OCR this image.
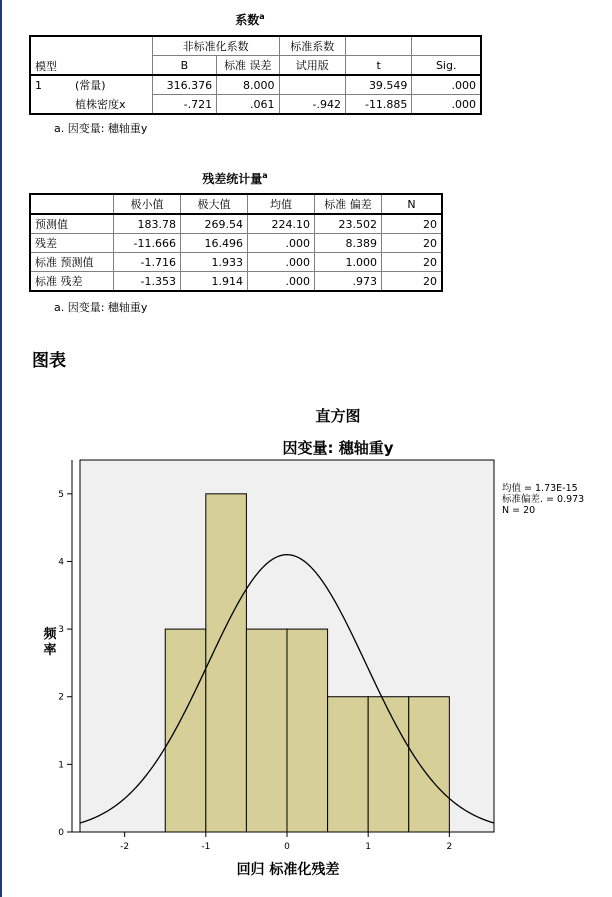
系数$^a$
	非标准化系数		标准系数		
模型	B	标准 误差	试用版	t	Sig.
1 (常量)	316.376	8.000		39.549	.000
植株密度x	-.721	.061	-.942	-11.885	.000
a. 因变量: 穗轴重y
残差统计量$^a$
	极小值	极大值	均值	标准 偏差	N
预测值	183.78	269.54	224.10	23.502	20
残差	-11.666	16.496	.000	8.389	20
标准 预测值	-1.716	1.933	.000	1.000	20
标准 残差	-1.353	1.914	.000	.973	20
a. 因变量: 穗轴重y
图表
直方图
因变量: 穗轴重y
0
1
2
3
4
5
-2	-1	0	1	2
频率
回归 标准化残差
均值 = 1.73E-15
标准偏差. = 0.973
N = 20
